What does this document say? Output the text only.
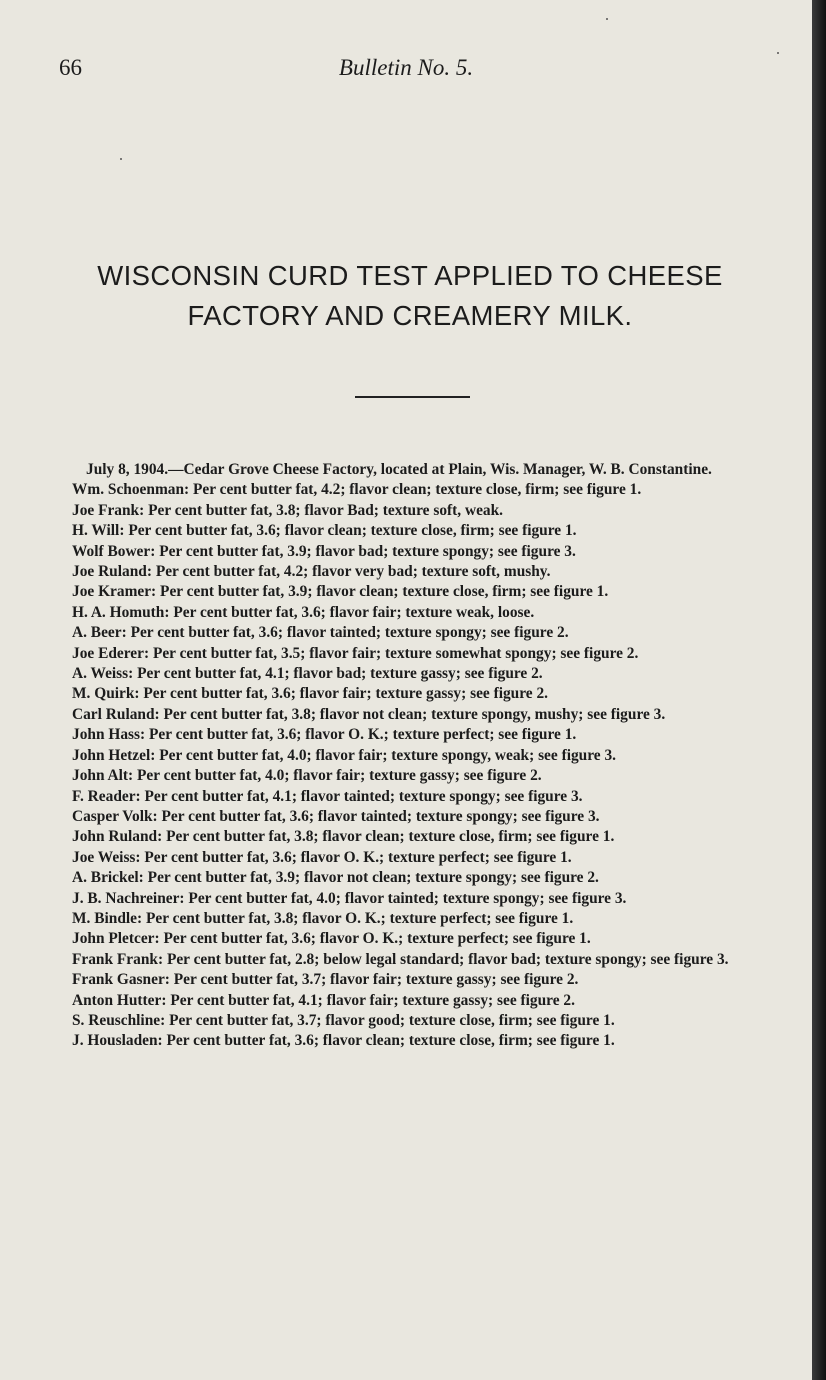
66	Bulletin No. 5.
WISCONSIN CURD TEST APPLIED TO CHEESE
FACTORY AND CREAMERY MILK.

July 8, 1904.—Cedar Grove Cheese Factory, located at Plain, Wis. Manager, W. B. Constantine.

Wm. Schoenman: Per cent butter fat, 4.2; flavor clean; texture close, firm; see figure 1.

Joe Frank: Per cent butter fat, 3.8; flavor Bad; texture soft, weak.

H. Will: Per cent butter fat, 3.6; flavor clean; texture close, firm; see figure 1.

Wolf Bower: Per cent butter fat, 3.9; flavor bad; texture spongy; see figure 3.

Joe Ruland: Per cent butter fat, 4.2; flavor very bad; texture soft, mushy.

Joe Kramer: Per cent butter fat, 3.9; flavor clean; texture close, firm; see figure 1.

H. A. Homuth: Per cent butter fat, 3.6; flavor fair; texture weak, loose.

A. Beer: Per cent butter fat, 3.6; flavor tainted; texture spongy; see figure 2.

Joe Ederer: Per cent butter fat, 3.5; flavor fair; texture somewhat spongy; see figure 2.

A. Weiss: Per cent butter fat, 4.1; flavor bad; texture gassy; see figure 2.

M. Quirk: Per cent butter fat, 3.6; flavor fair; texture gassy; see figure 2.

Carl Ruland: Per cent butter fat, 3.8; flavor not clean; texture spongy, mushy; see figure 3.

John Hass: Per cent butter fat, 3.6; flavor O. K.; texture perfect; see figure 1.

John Hetzel: Per cent butter fat, 4.0; flavor fair; texture spongy, weak; see figure 3.

John Alt: Per cent butter fat, 4.0; flavor fair; texture gassy; see figure 2.

F. Reader: Per cent butter fat, 4.1; flavor tainted; texture spongy; see figure 3.

Casper Volk: Per cent butter fat, 3.6; flavor tainted; texture spongy; see figure 3.

John Ruland: Per cent butter fat, 3.8; flavor clean; texture close, firm; see figure 1.

Joe Weiss: Per cent butter fat, 3.6; flavor O. K.; texture perfect; see figure 1.

A. Brickel: Per cent butter fat, 3.9; flavor not clean; texture spongy; see figure 2.

J. B. Nachreiner: Per cent butter fat, 4.0; flavor tainted; texture spongy; see figure 3.

M. Bindle: Per cent butter fat, 3.8; flavor O. K.; texture perfect; see figure 1.

John Pletcer: Per cent butter fat, 3.6; flavor O. K.; texture perfect; see figure 1.

Frank Frank: Per cent butter fat, 2.8; below legal standard; flavor bad; texture spongy; see figure 3.

Frank Gasner: Per cent butter fat, 3.7; flavor fair; texture gassy; see figure 2.

Anton Hutter: Per cent butter fat, 4.1; flavor fair; texture gassy; see figure 2.

S. Reuschline: Per cent butter fat, 3.7; flavor good; texture close, firm; see figure 1.

J. Housladen: Per cent butter fat, 3.6; flavor clean; texture close, firm; see figure 1.
